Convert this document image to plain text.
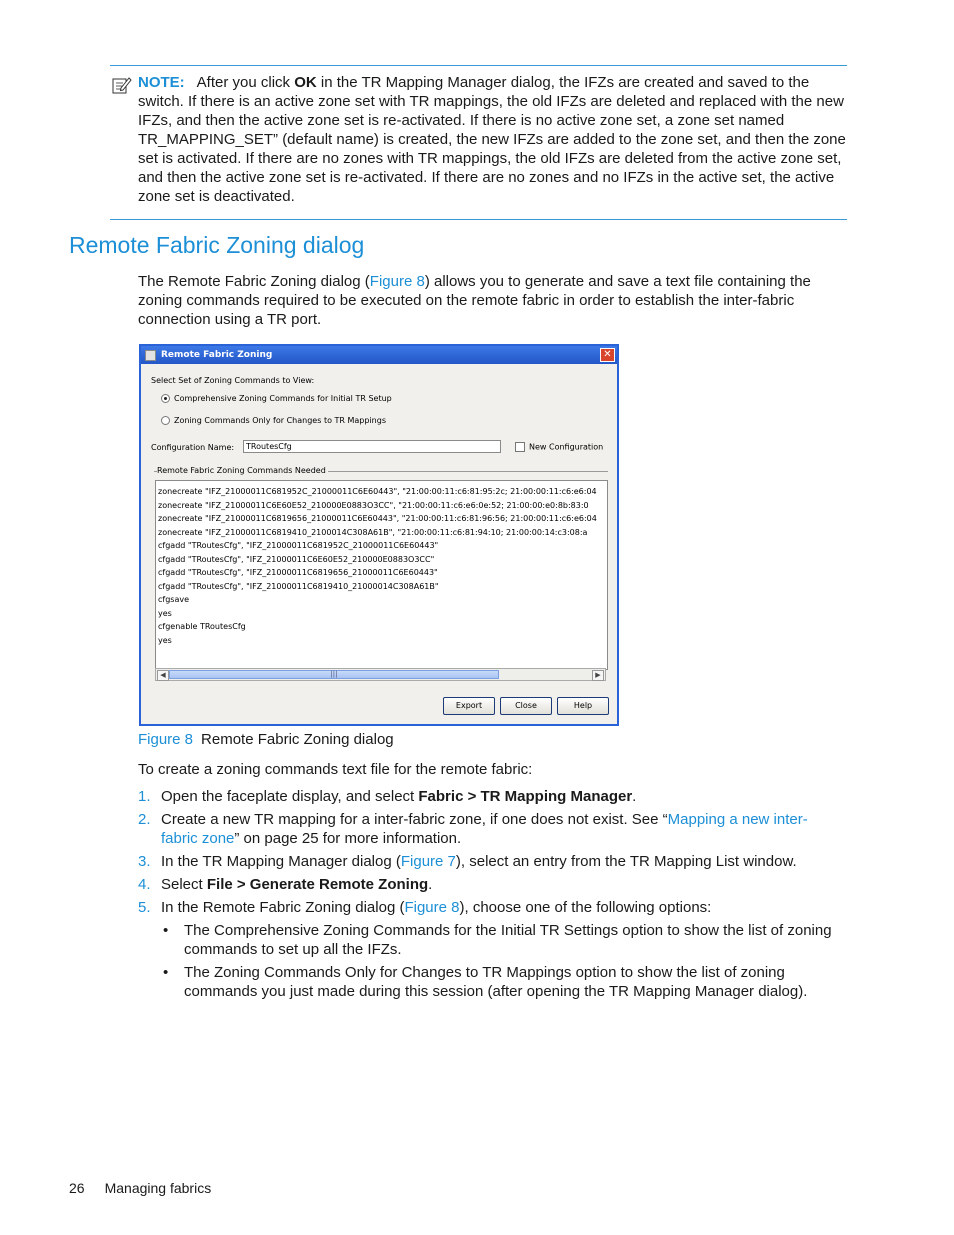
NOTE: After you click OK in the TR Mapping Manager dialog, the IFZs are created and saved to the switch. If there is an active zone set with TR mappings, the old IFZs are deleted and replaced with the new IFZs, and then the active zone set is re-activated. If there is no active zone set, a zone set named TR_MAPPING_SET” (default name) is created, the new IFZs are added to the zone set, and then the zone set is activated. If there are no zones with TR mappings, the old IFZs are deleted from the active zone set, and then the active zone set is re-activated. If there are no zones and no IFZs in the active set, the active zone set is deactivated.
Remote Fabric Zoning dialog

The Remote Fabric Zoning dialog (Figure 8) allows you to generate and save a text file containing the zoning commands required to be executed on the remote fabric in order to establish the inter-fabric connection using a TR port.

Remote Fabric Zoning	✕
Select Set of Zoning Commands to View:
Comprehensive Zoning Commands for Initial TR Setup
Zoning Commands Only for Changes to TR Mappings
Configuration Name:	TRoutesCfg	New Configuration
Remote Fabric Zoning Commands Needed
zonecreate "IFZ_21000011C681952C_21000011C6E60443", "21:00:00:11:c6:81:95:2c; 21:00:00:11:c6:e6:04
zonecreate "IFZ_21000011C6E60E52_210000E0883O3CC", "21:00:00:11:c6:e6:0e:52; 21:00:00:e0:8b:83:0
zonecreate "IFZ_21000011C6819656_21000011C6E60443", "21:00:00:11:c6:81:96:56; 21:00:00:11:c6:e6:04
zonecreate "IFZ_21000011C6819410_2100014C308A61B", "21:00:00:11:c6:81:94:10; 21:00:00:14:c3:08:a
cfgadd "TRoutesCfg", "IFZ_21000011C681952C_21000011C6E60443"
cfgadd "TRoutesCfg", "IFZ_21000011C6E60E52_210000E0883O3CC"
cfgadd "TRoutesCfg", "IFZ_21000011C6819656_21000011C6E60443"
cfgadd "TRoutesCfg", "IFZ_21000011C6819410_21000014C308A61B"
cfgsave
yes
cfgenable TRoutesCfg
yes
◀	|||	▶
Export	Close	Help
Figure 8 Remote Fabric Zoning dialog

To create a zoning commands text file for the remote fabric:

1. Open the faceplate display, and select Fabric > TR Mapping Manager.
2. Create a new TR mapping for a inter-fabric zone, if one does not exist. See “Mapping a new inter-fabric zone” on page 25 for more information.
3. In the TR Mapping Manager dialog (Figure 7), select an entry from the TR Mapping List window.
4. Select File > Generate Remote Zoning.
5. In the Remote Fabric Zoning dialog (Figure 8), choose one of the following options:
• The Comprehensive Zoning Commands for the Initial TR Settings option to show the list of zoning commands to set up all the IFZs.
• The Zoning Commands Only for Changes to TR Mappings option to show the list of zoning commands you just made during this session (after opening the TR Mapping Manager dialog).
26 Managing fabrics
